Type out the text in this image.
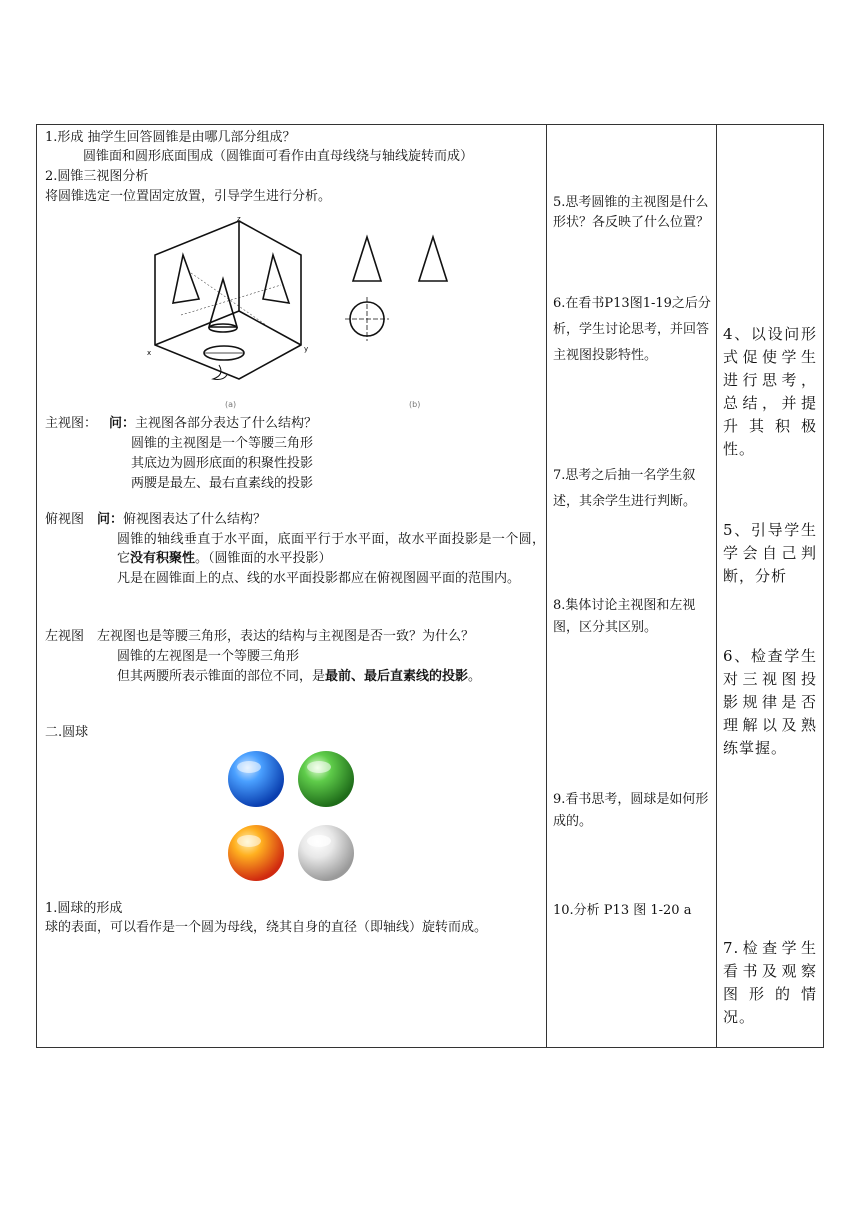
1.形成 抽学生回答圆锥是由哪几部分组成？
圆锥面和圆形底面围成（圆锥面可看作由直母线绕与轴线旋转而成）
2.圆锥三视图分析
将圆锥选定一位置固定放置，引导学生进行分析。
z
x	y
(a)	(b)
主视图： 问：主视图各部分表达了什么结构？
圆锥的主视图是一个等腰三角形
其底边为圆形底面的积聚性投影
两腰是最左、最右直素线的投影
俯视图 问：俯视图表达了什么结构？
圆锥的轴线垂直于水平面，底面平行于水平面，故水平面投影是一个圆，它没有积聚性。（圆锥面的水平投影）
凡是在圆锥面上的点、线的水平面投影都应在俯视图圆平面的范围内。
左视图 左视图也是等腰三角形，表达的结构与主视图是否一致？为什么？
圆锥的左视图是一个等腰三角形
但其两腰所表示锥面的部位不同，是最前、最后直素线的投影。
二.圆球
1.圆球的形成
球的表面，可以看作是一个圆为母线，绕其自身的直径（即轴线）旋转而成。
5.思考圆锥的主视图是什么形状？各反映了什么位置？
6.在看书P13图1-19之后分析，学生讨论思考，并回答主视图投影特性。
7.思考之后抽一名学生叙述，其余学生进行判断。
8.集体讨论主视图和左视图，区分其区别。
9.看书思考，圆球是如何形成的。
10.分析 P13 图 1-20 a
4、以设问形式促使学生进行思考，总结，并提升其积极性。
5、引导学生学会自己判断，分析
6、检查学生对三视图投影规律是否理解以及熟练掌握。
7.检查学生看书及观察图形的情况。
